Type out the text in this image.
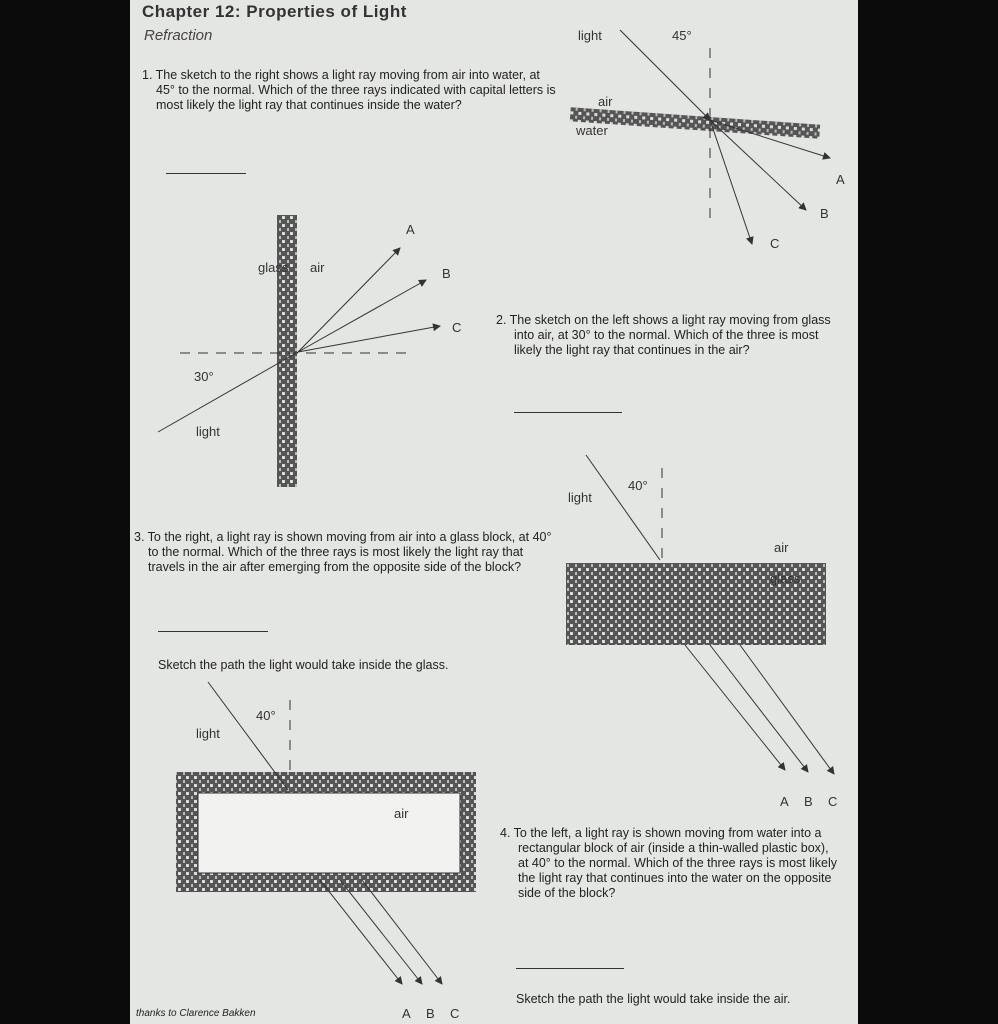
Chapter 12: Properties of Light
Refraction
1. The sketch to the right shows a light ray moving from air into water, at 45° to the normal. Which of the three rays indicated with capital letters is most likely the light ray that continues inside the water?
2. The sketch on the left shows a light ray moving from glass into air, at 30° to the normal. Which of the three is most likely the light ray that continues in the air?
3. To the right, a light ray is shown moving from air into a glass block, at 40° to the normal. Which of the three rays is most likely the light ray that travels in the air after emerging from the opposite side of the block?
Sketch the path the light would take inside the glass.
4. To the left, a light ray is shown moving from water into a rectangular block of air (inside a thin-walled plastic box), at 40° to the normal. Which of the three rays is most likely the light ray that continues into the water on the opposite side of the block?
Sketch the path the light would take inside the air.
thanks to Clarence Bakken
light	45°
air
water
A
B
C
glass air
30°
light
A
B
C
light
40°
air
glass
A B C
light
40°
air
A B C
